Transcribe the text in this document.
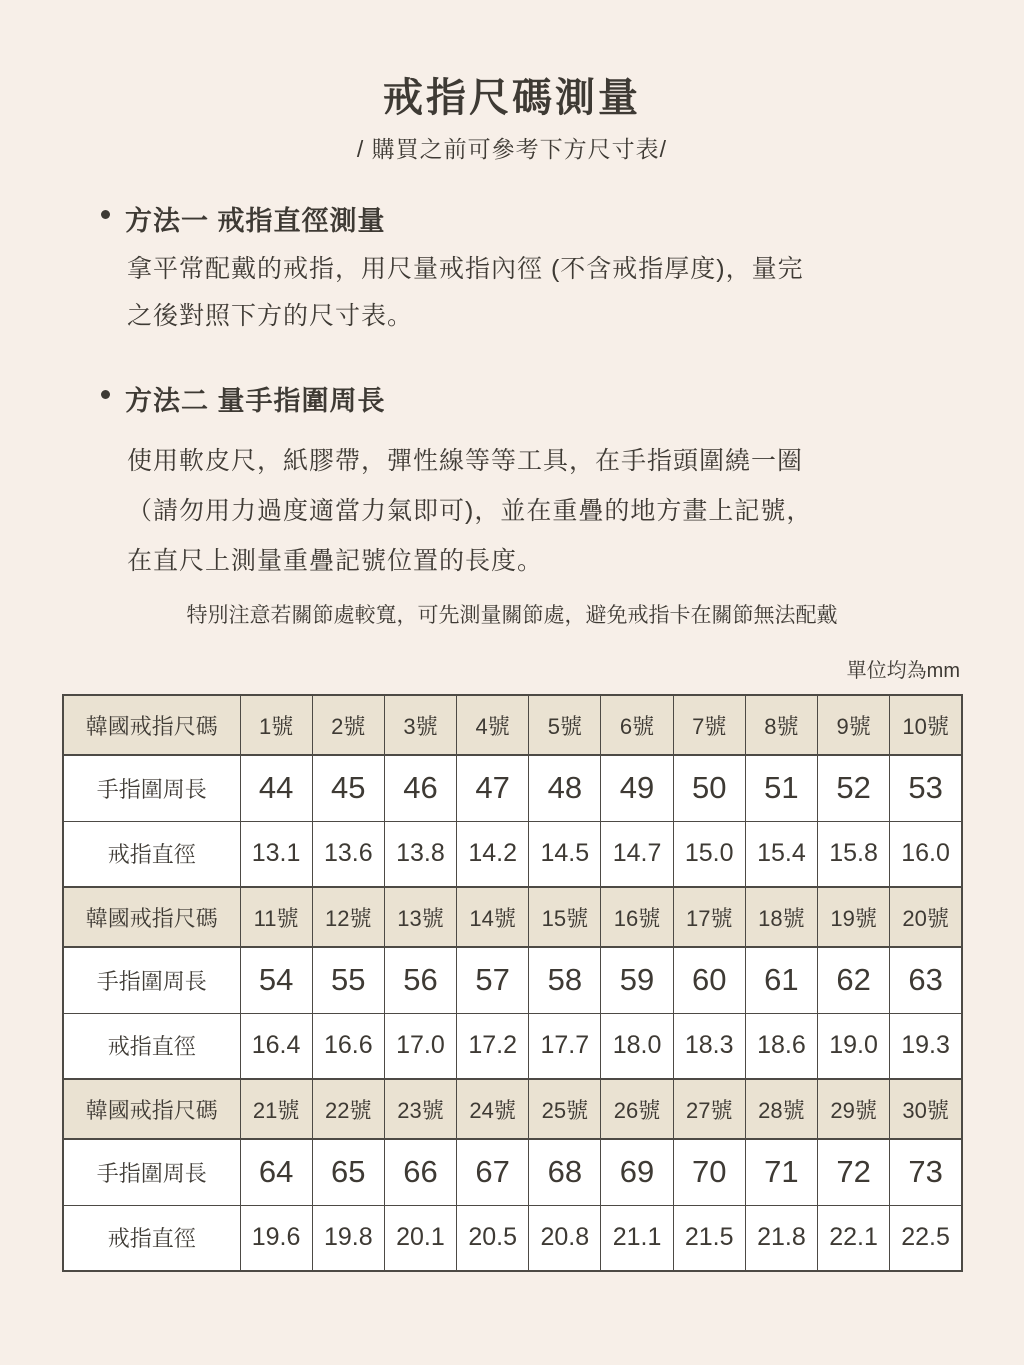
戒指尺碼測量
/ 購買之前可參考下方尺寸表/
方法一 戒指直徑測量
拿平常配戴的戒指，用尺量戒指內徑 (不含戒指厚度)，量完
之後對照下方的尺寸表。
方法二 量手指圍周長
使用軟皮尺，紙膠帶，彈性線等等工具，在手指頭圍繞一圈
（請勿用力過度適當力氣即可)，並在重疊的地方畫上記號，
在直尺上測量重疊記號位置的長度。
特別注意若關節處較寬，可先測量關節處，避免戒指卡在關節無法配戴
單位均為mm
韓國戒指尺碼	1號	2號	3號	4號	5號	6號	7號	8號	9號	10號
手指圍周長	44	45	46	47	48	49	50	51	52	53
戒指直徑	13.1	13.6	13.8	14.2	14.5	14.7	15.0	15.4	15.8	16.0
韓國戒指尺碼	11號	12號	13號	14號	15號	16號	17號	18號	19號	20號
手指圍周長	54	55	56	57	58	59	60	61	62	63
戒指直徑	16.4	16.6	17.0	17.2	17.7	18.0	18.3	18.6	19.0	19.3
韓國戒指尺碼	21號	22號	23號	24號	25號	26號	27號	28號	29號	30號
手指圍周長	64	65	66	67	68	69	70	71	72	73
戒指直徑	19.6	19.8	20.1	20.5	20.8	21.1	21.5	21.8	22.1	22.5
